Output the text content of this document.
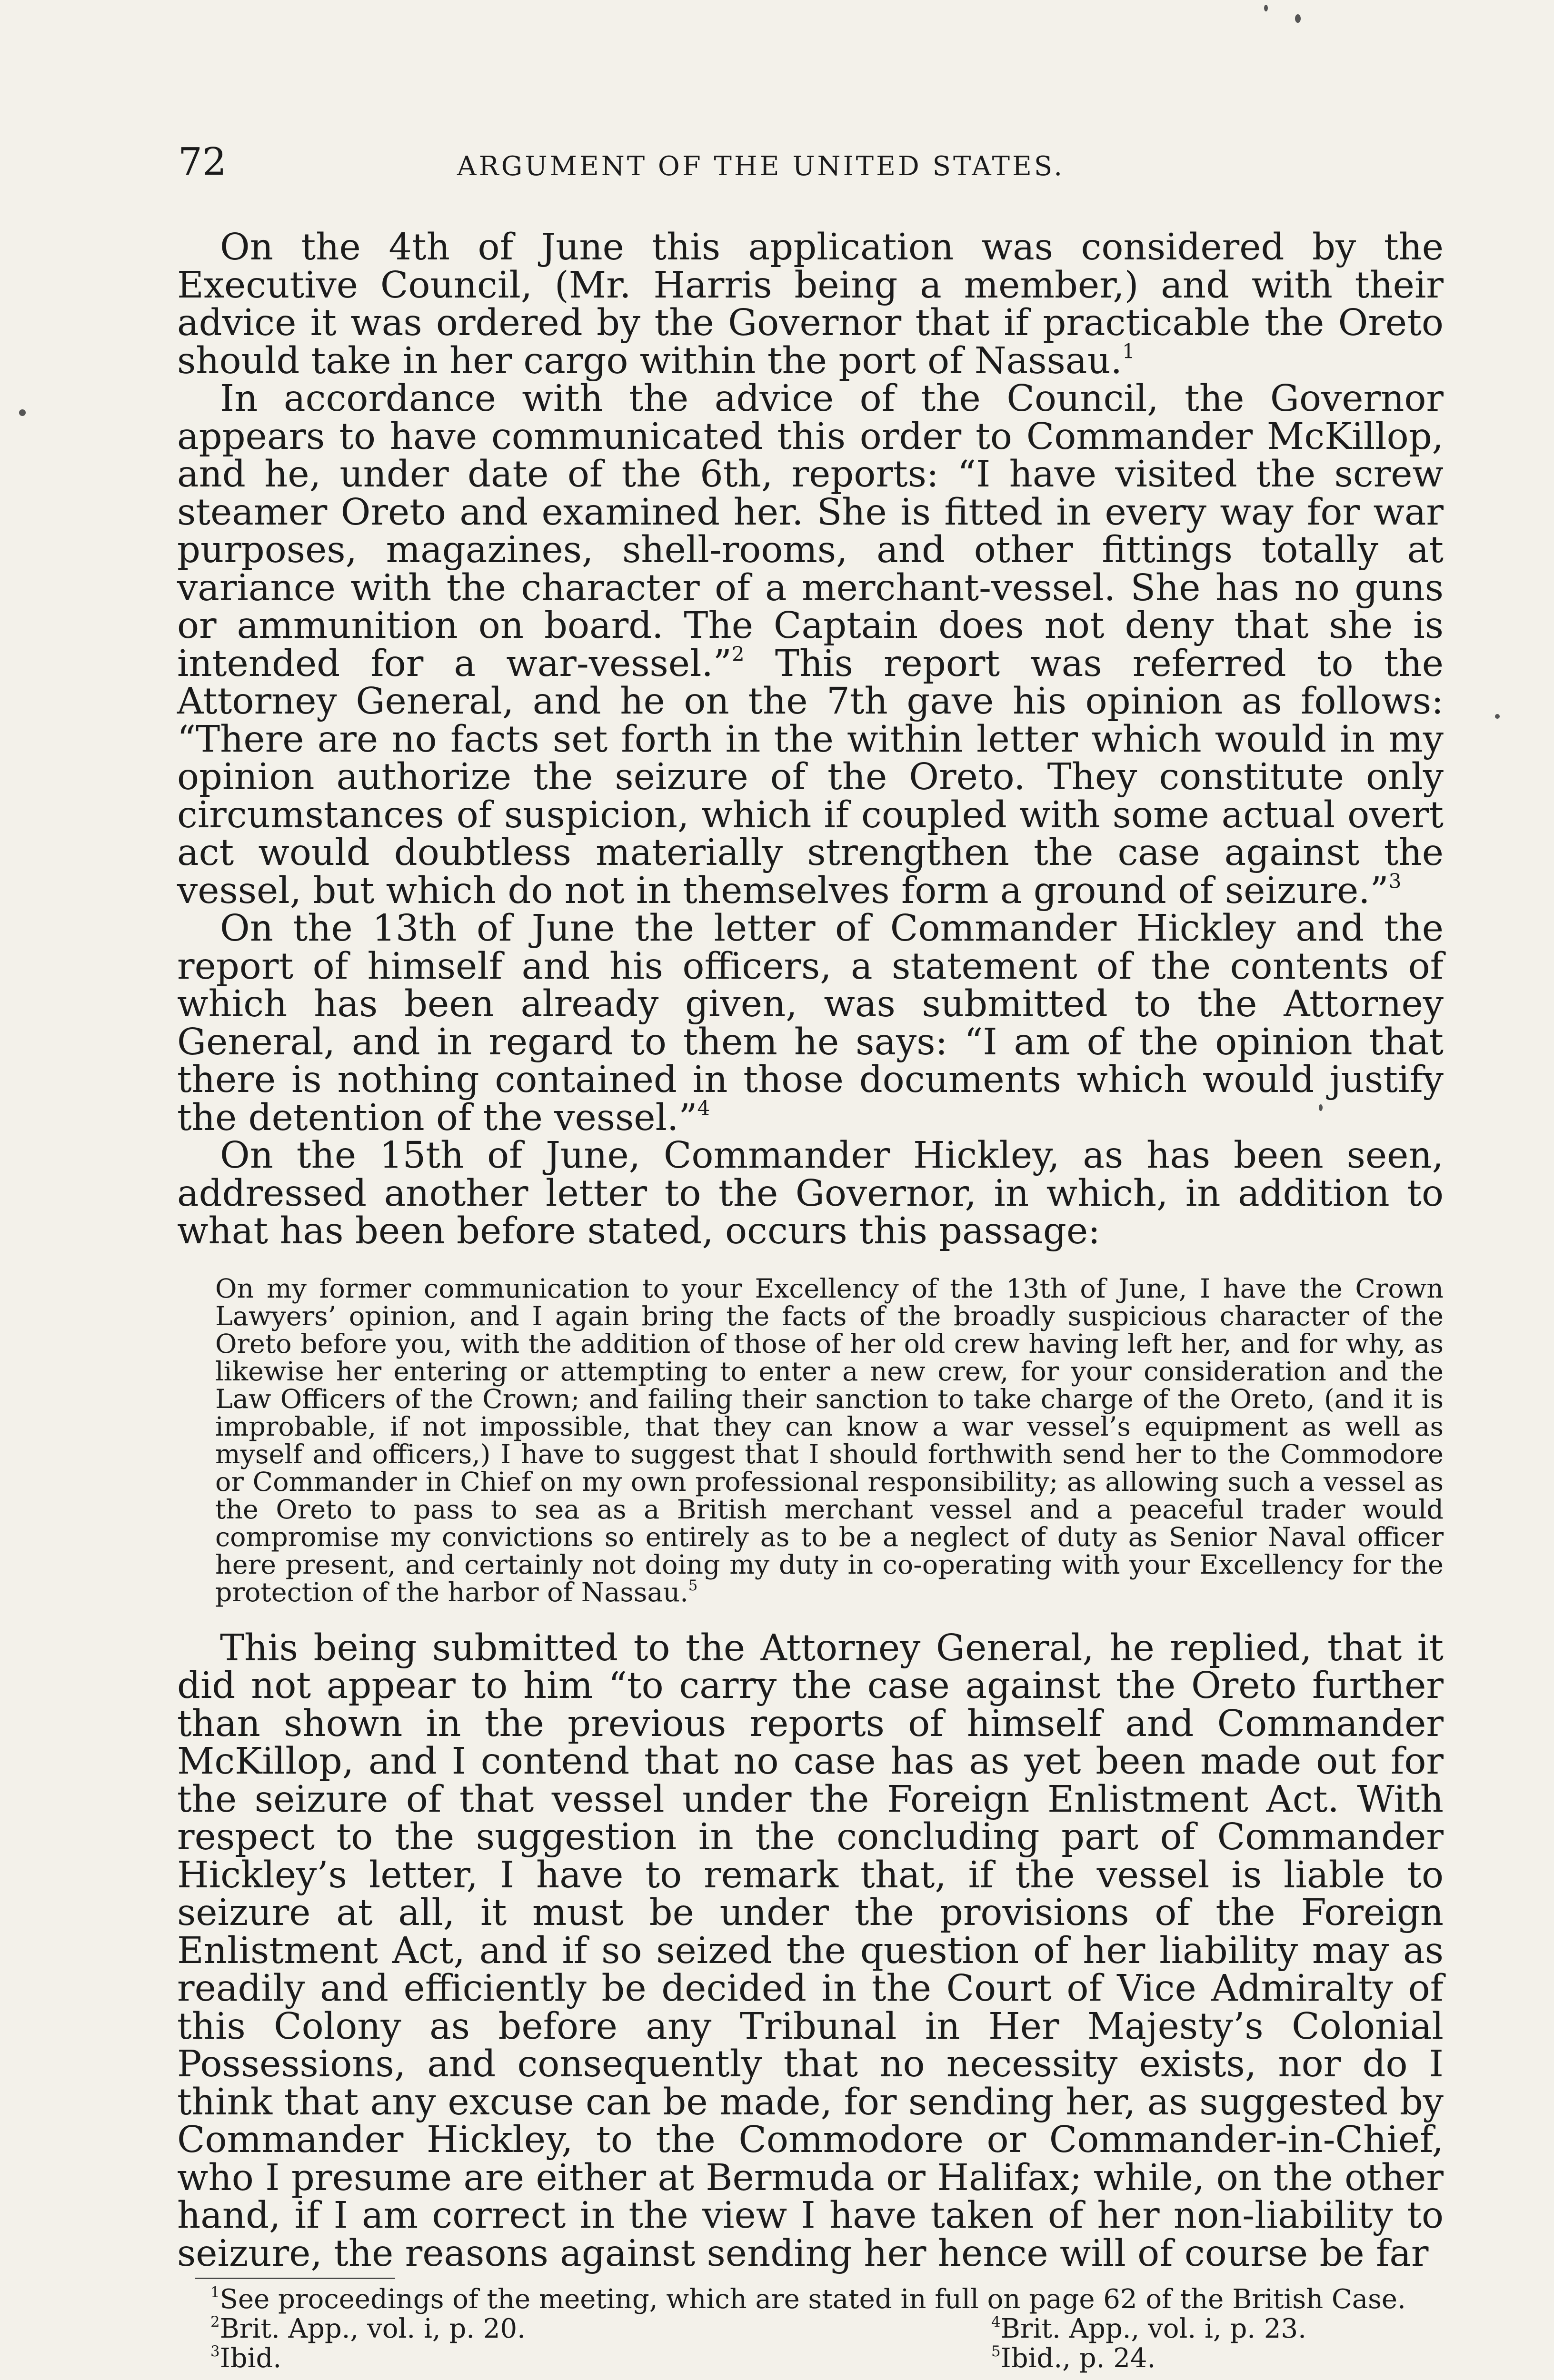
72	ARGUMENT OF THE UNITED STATES.

On the 4th of June this application was considered by the Executive Council, (Mr. Harris being a member,) and with their advice it was ordered by the Governor that if practicable the Oreto should take in her cargo within the port of Nassau.$^1$

In accordance with the advice of the Council, the Governor appears to have communicated this order to Commander McKillop, and he, under date of the 6th, reports: “I have visited the screw steamer Oreto and examined her. She is fitted in every way for war purposes, magazines, shell-rooms, and other fittings totally at variance with the character of a merchant-vessel. She has no guns or ammunition on board. The Captain does not deny that she is intended for a war-vessel.”$^2$ This report was referred to the Attorney General, and he on the 7th gave his opinion as follows: “There are no facts set forth in the within letter which would in my opinion authorize the seizure of the Oreto. They constitute only circumstances of suspicion, which if coupled with some actual overt act would doubtless materially strengthen the case against the vessel, but which do not in themselves form a ground of seizure.”$^3$

On the 13th of June the letter of Commander Hickley and the report of himself and his officers, a statement of the contents of which has been already given, was submitted to the Attorney General, and in regard to them he says: “I am of the opinion that there is nothing contained in those documents which would justify the detention of the vessel.”$^4$

On the 15th of June, Commander Hickley, as has been seen, addressed another letter to the Governor, in which, in addition to what has been before stated, occurs this passage:

On my former communication to your Excellency of the 13th of June, I have the Crown Lawyers’ opinion, and I again bring the facts of the broadly suspicious character of the Oreto before you, with the addition of those of her old crew having left her, and for why, as likewise her entering or attempting to enter a new crew, for your consideration and the Law Officers of the Crown; and failing their sanction to take charge of the Oreto, (and it is improbable, if not impossible, that they can know a war vessel’s equipment as well as myself and officers,) I have to suggest that I should forthwith send her to the Commodore or Commander in Chief on my own professional responsibility; as allowing such a vessel as the Oreto to pass to sea as a British merchant vessel and a peaceful trader would compromise my convictions so entirely as to be a neglect of duty as Senior Naval officer here present, and certainly not doing my duty in co-operating with your Excellency for the protection of the harbor of Nassau.$^5$

This being submitted to the Attorney General, he replied, that it did not appear to him “to carry the case against the Oreto further than shown in the previous reports of himself and Commander McKillop, and I contend that no case has as yet been made out for the seizure of that vessel under the Foreign Enlistment Act. With respect to the suggestion in the concluding part of Commander Hickley’s letter, I have to remark that, if the vessel is liable to seizure at all, it must be under the provisions of the Foreign Enlistment Act, and if so seized the question of her liability may as readily and efficiently be decided in the Court of Vice Admiralty of this Colony as before any Tribunal in Her Majesty’s Colonial Possessions, and consequently that no necessity exists, nor do I think that any excuse can be made, for sending her, as suggested by Commander Hickley, to the Commodore or Commander-in-Chief, who I presume are either at Bermuda or Halifax; while, on the other hand, if I am correct in the view I have taken of her non-liability to seizure, the reasons against sending her hence will of course be far

$^1$See proceedings of the meeting, which are stated in full on page 62 of the British Case.
$^2$Brit. App., vol. i, p. 20.	$^4$Brit. App., vol. i, p. 23.
$^3$Ibid.	$^5$Ibid., p. 24.
